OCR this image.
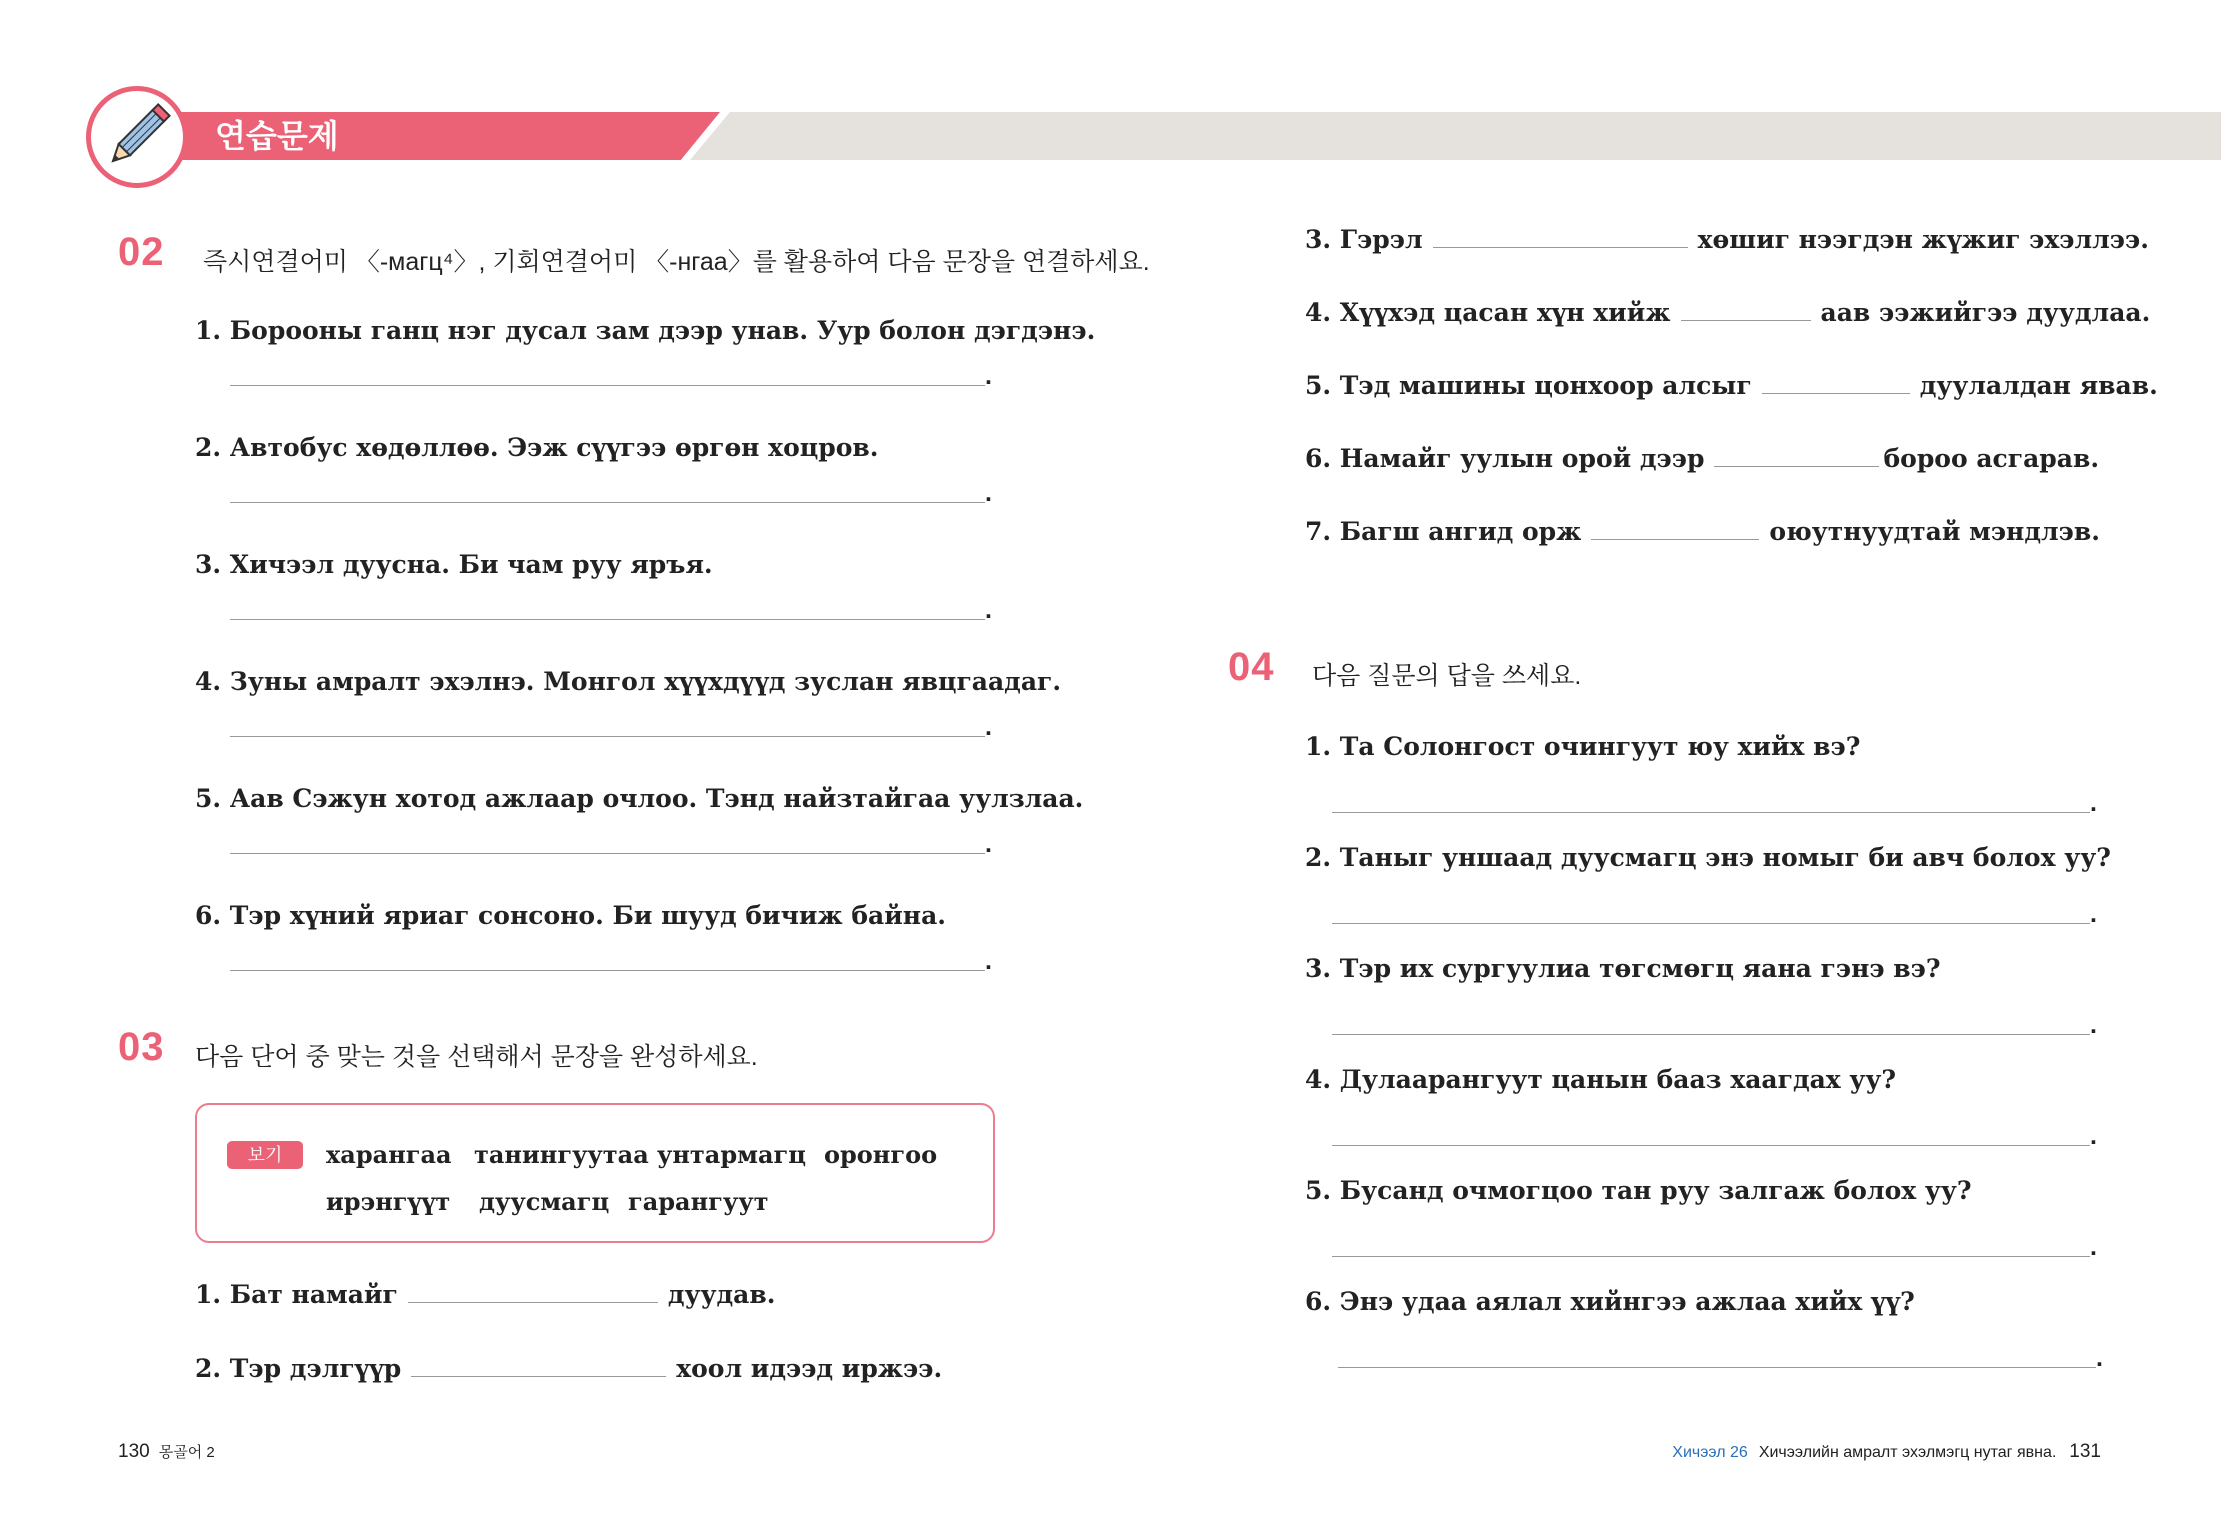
연습문제
02 즉시연결어미 〈-магц⁴〉, 기회연결어미 〈-нгаа〉를 활용하여 다음 문장을 연결하세요.
1. Борооны ганц нэг дусал зам дээр унав. Уур болон дэгдэнэ.
.
2. Автобус хөдөллөө. Ээж сүүгээ өргөн хоцров.
.
3. Хичээл дуусна. Би чам руу яръя.
.
4. Зуны амралт эхэлнэ. Монгол хүүхдүүд зуслан явцгаадаг.
.
5. Аав Сэжун хотод ажлаар очлоо. Тэнд найзтайгаа уулзлаа.
.
6. Тэр хүний яриаг сонсоно. Би шууд бичиж байна.
.
03 다음 단어 중 맞는 것을 선택해서 문장을 완성하세요.
보기	харангаа танингуутаа унтармагц оронгоо
ирэнгүүт дуусмагц гарангуут
1. Бат намайг	дуудав.
2. Тэр дэлгүүр	хоол идээд иржээ.
3. Гэрэл	хөшиг нээгдэн жүжиг эхэллээ.
4. Хүүхэд цасан хүн хийж	аав ээжийгээ дуудлаа.
5. Тэд машины цонхоор алсыг	дуулалдан явав.
6. Намайг уулын орой дээр	бороо асгарав.
7. Багш ангид орж	оюутнуудтай мэндлэв.
04 다음 질문의 답을 쓰세요.
1. Та Солонгост очингуут юу хийх вэ?
.
2. Таныг уншаад дуусмагц энэ номыг би авч болох уу?
.
3. Тэр их сургуулиа төгсмөгц яана гэнэ вэ?
.
4. Дулаарангуут цанын бааз хаагдах уу?
.
5. Бусанд очмогцоо тан руу залгаж болох уу?
.
6. Энэ удаа аялал хийнгээ ажлаа хийх үү?
.
130 몽골어 2	Хичээл 26 Хичээлийн амралт эхэлмэгц нутаг явна. 131
